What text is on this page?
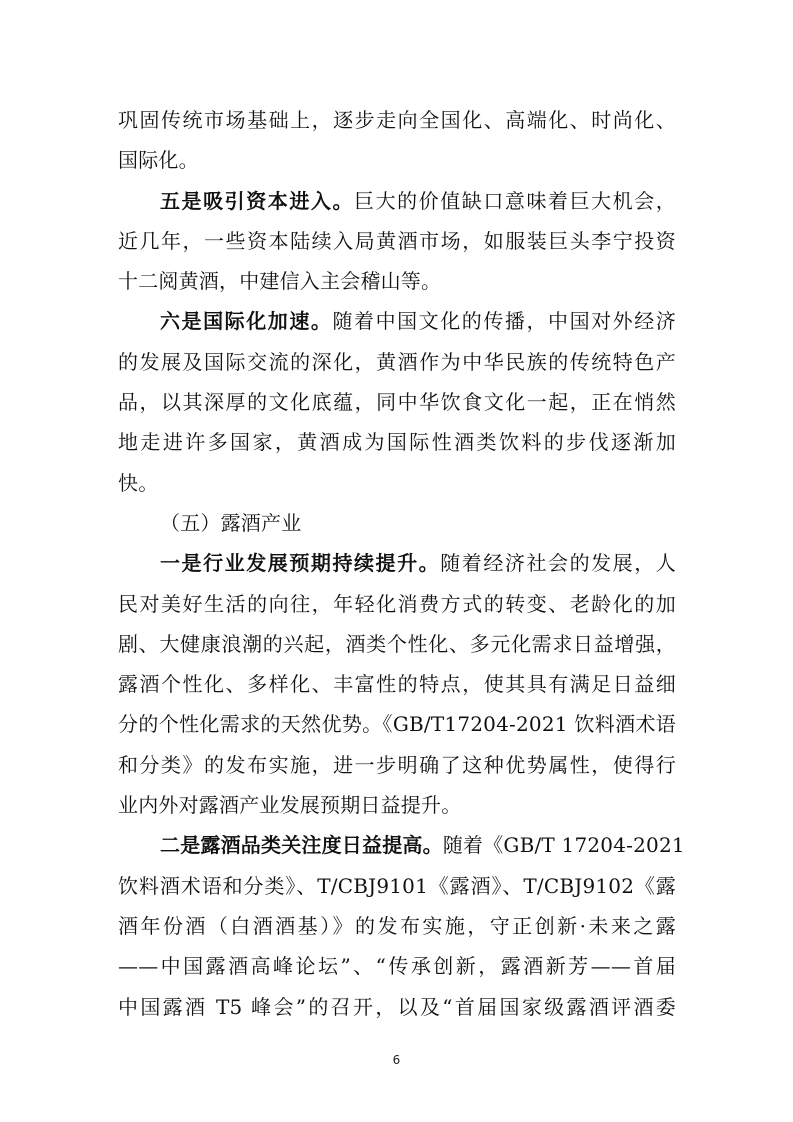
巩固传统市场基础上，逐步走向全国化、高端化、时尚化、
国际化。
五是吸引资本进入。巨大的价值缺口意味着巨大机会，
近几年，一些资本陆续入局黄酒市场，如服装巨头李宁投资
十二阅黄酒，中建信入主会稽山等。
六是国际化加速。随着中国文化的传播，中国对外经济
的发展及国际交流的深化，黄酒作为中华民族的传统特色产
品，以其深厚的文化底蕴，同中华饮食文化一起，正在悄然
地走进许多国家，黄酒成为国际性酒类饮料的步伐逐渐加
快。
（五）露酒产业
一是行业发展预期持续提升。随着经济社会的发展，人
民对美好生活的向往，年轻化消费方式的转变、老龄化的加
剧、大健康浪潮的兴起，酒类个性化、多元化需求日益增强，
露酒个性化、多样化、丰富性的特点，使其具有满足日益细
分的个性化需求的天然优势。《GB/T17204-2021 饮料酒术语
和分类》的发布实施，进一步明确了这种优势属性，使得行
业内外对露酒产业发展预期日益提升。
二是露酒品类关注度日益提高。随着《GB/T 17204-2021
饮料酒术语和分类》、T/CBJ9101《露酒》、T/CBJ9102《露
酒年份酒（白酒酒基）》的发布实施，守正创新·未来之露
——中国露酒高峰论坛”、“传承创新，露酒新芳——首届
中国露酒 T5 峰会”的召开，以及“首届国家级露酒评酒委
6
